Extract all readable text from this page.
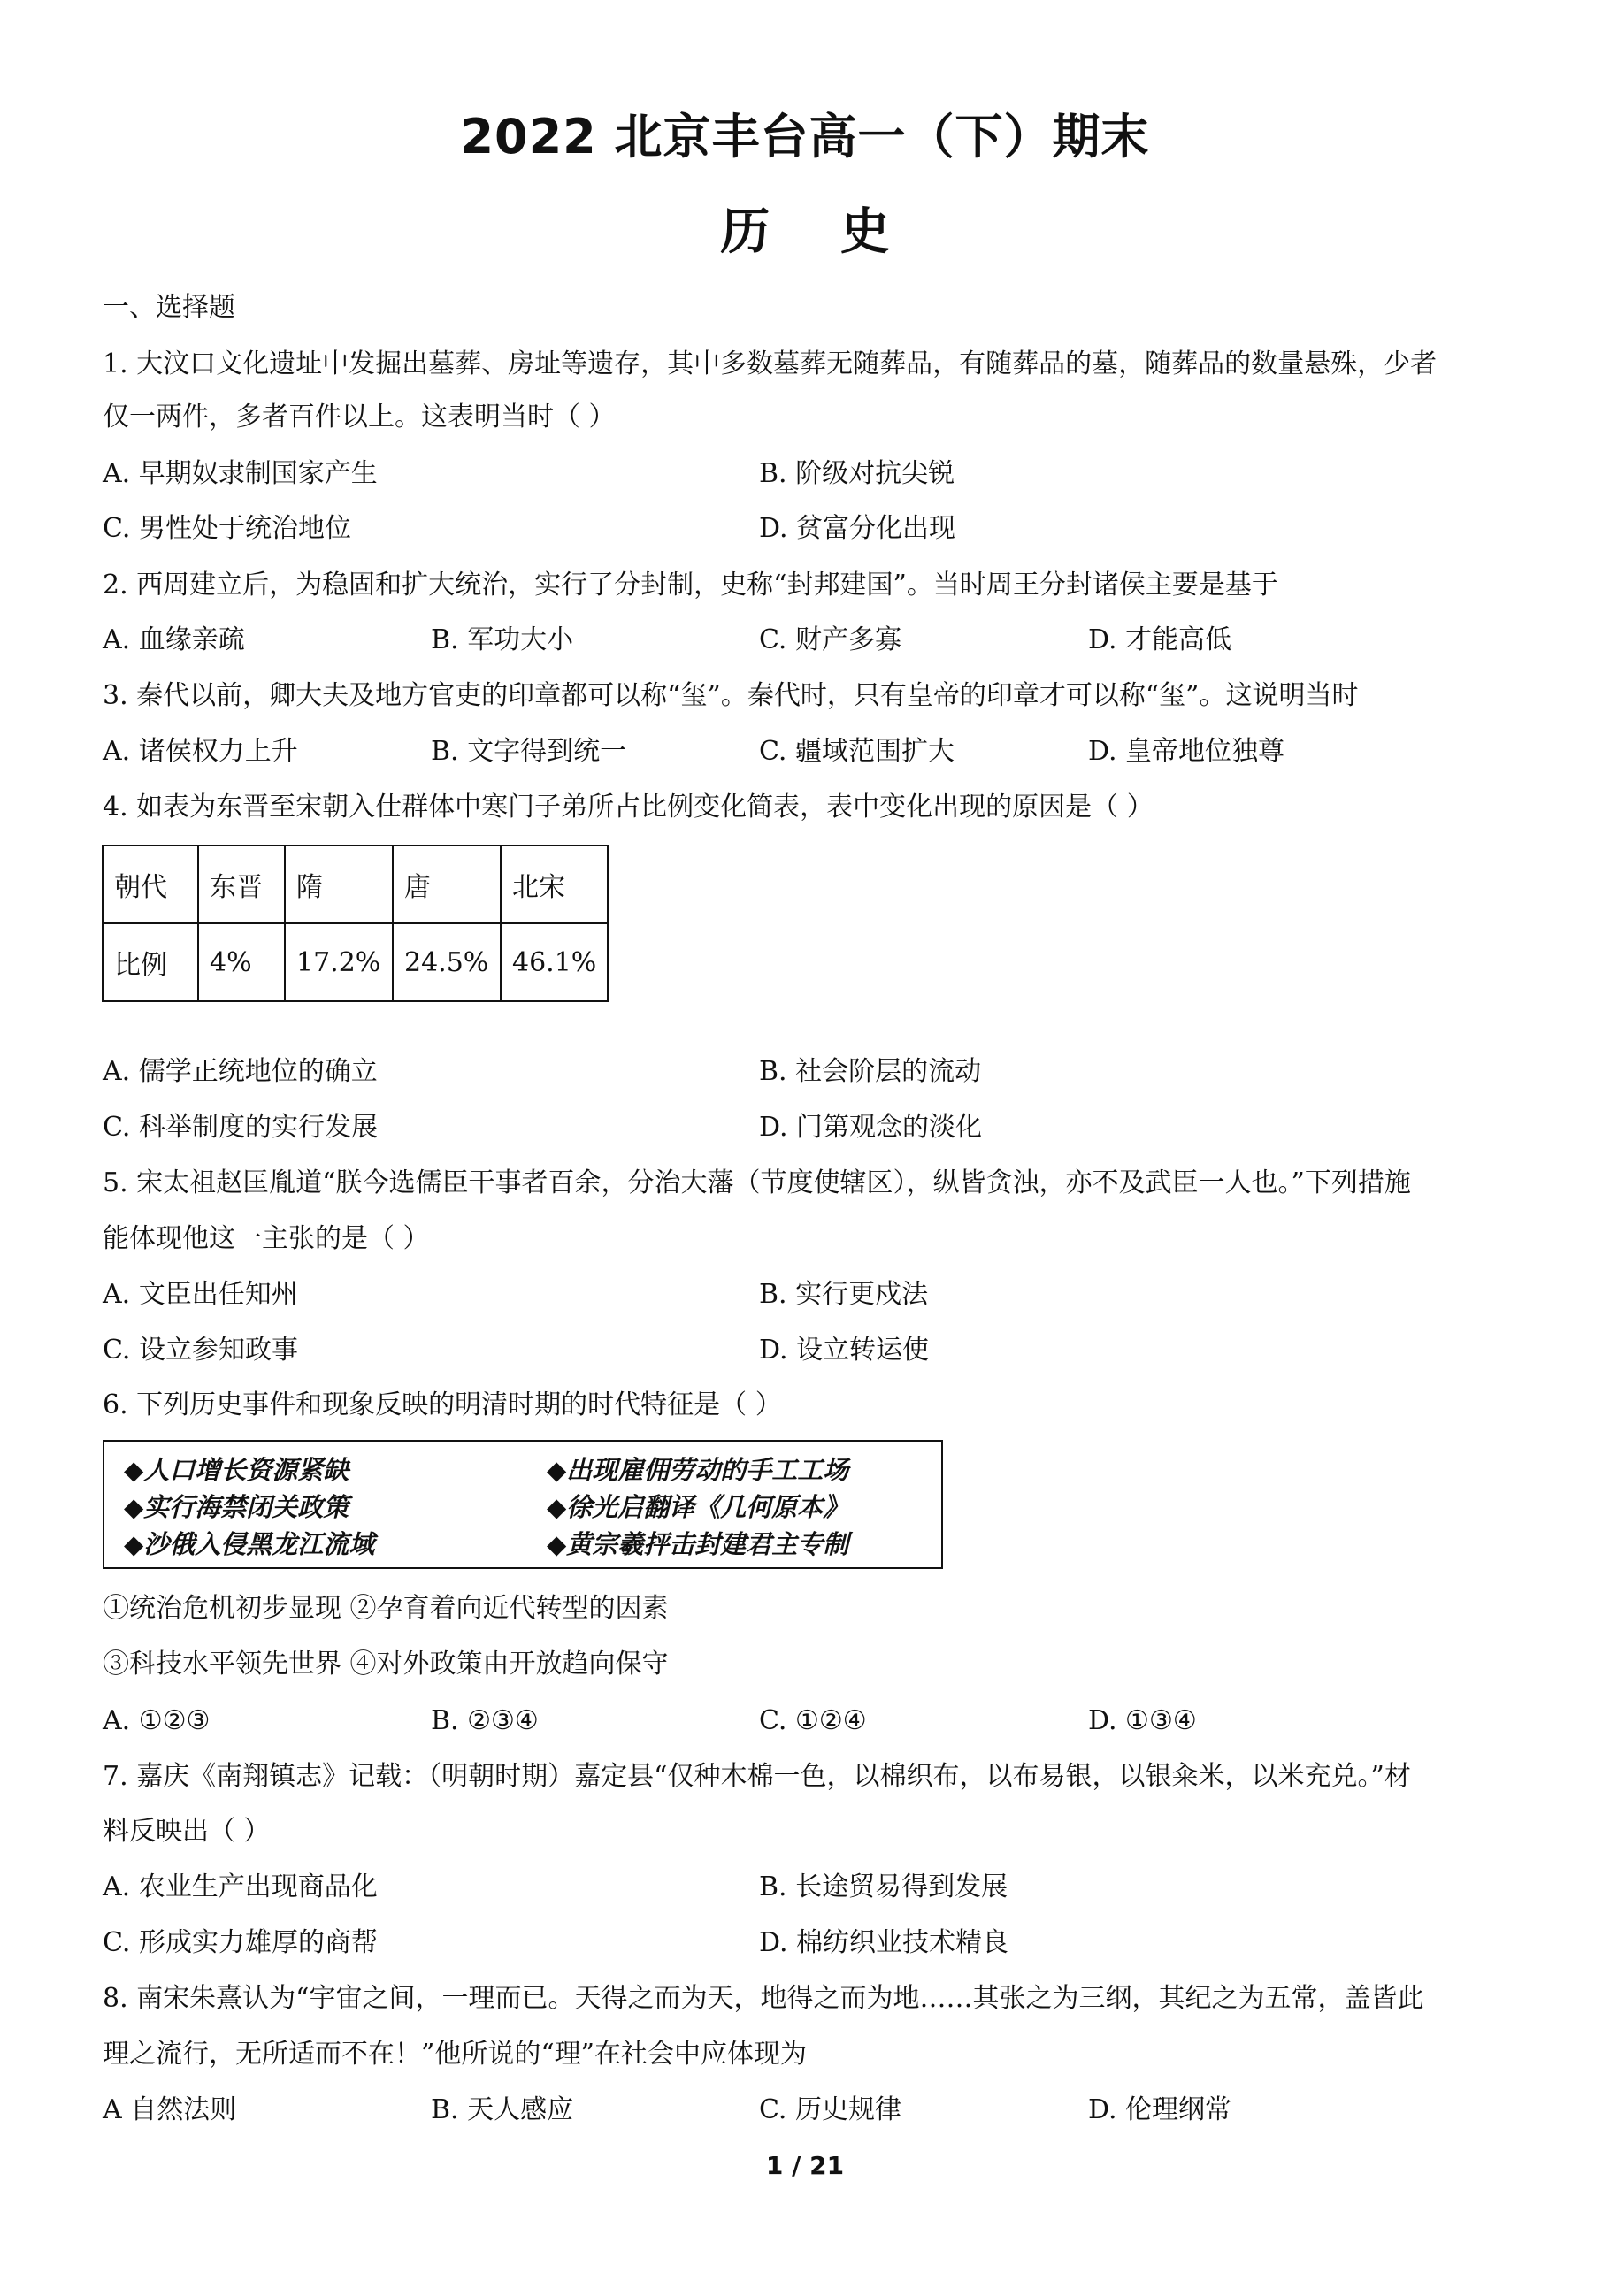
2022 北京丰台高一（下）期末
历 史
一、选择题
1. 大汶口文化遗址中发掘出墓葬、房址等遗存，其中多数墓葬无随葬品，有随葬品的墓，随葬品的数量悬殊，少者
仅一两件，多者百件以上。这表明当时（ ）
A. 早期奴隶制国家产生	B. 阶级对抗尖锐
C. 男性处于统治地位	D. 贫富分化出现
2. 西周建立后，为稳固和扩大统治，实行了分封制，史称“封邦建国”。当时周王分封诸侯主要是基于
A. 血缘亲疏	B. 军功大小	C. 财产多寡	D. 才能高低
3. 秦代以前，卿大夫及地方官吏的印章都可以称“玺”。秦代时，只有皇帝的印章才可以称“玺”。这说明当时
A. 诸侯权力上升	B. 文字得到统一	C. 疆域范围扩大	D. 皇帝地位独尊
4. 如表为东晋至宋朝入仕群体中寒门子弟所占比例变化简表，表中变化出现的原因是（ ）
朝代	东晋	隋	唐	北宋
比例	4%	17.2%	24.5%	46.1%
A. 儒学正统地位的确立	B. 社会阶层的流动
C. 科举制度的实行发展	D. 门第观念的淡化
5. 宋太祖赵匡胤道“朕今选儒臣干事者百余，分治大藩（节度使辖区），纵皆贪浊，亦不及武臣一人也。”下列措施
能体现他这一主张的是（ ）
A. 文臣出任知州	B. 实行更戍法
C. 设立参知政事	D. 设立转运使
6. 下列历史事件和现象反映的明清时期的时代特征是（ ）
◆人口增长资源紧缺	◆出现雇佣劳动的手工工场
◆实行海禁闭关政策	◆徐光启翻译《几何原本》
◆沙俄入侵黑龙江流域	◆黄宗羲抨击封建君主专制
①统治危机初步显现 ②孕育着向近代转型的因素
③科技水平领先世界 ④对外政策由开放趋向保守
A. ①②③	B. ②③④	C. ①②④	D. ①③④
7. 嘉庆《南翔镇志》记载：（明朝时期）嘉定县“仅种木棉一色，以棉织布，以布易银，以银籴米，以米充兑。”材
料反映出（ ）
A. 农业生产出现商品化	B. 长途贸易得到发展
C. 形成实力雄厚的商帮	D. 棉纺织业技术精良
8. 南宋朱熹认为“宇宙之间，一理而已。天得之而为天，地得之而为地……其张之为三纲，其纪之为五常，盖皆此
理之流行，无所适而不在！”他所说的“理”在社会中应体现为
A 自然法则	B. 天人感应	C. 历史规律	D. 伦理纲常
1 / 21
